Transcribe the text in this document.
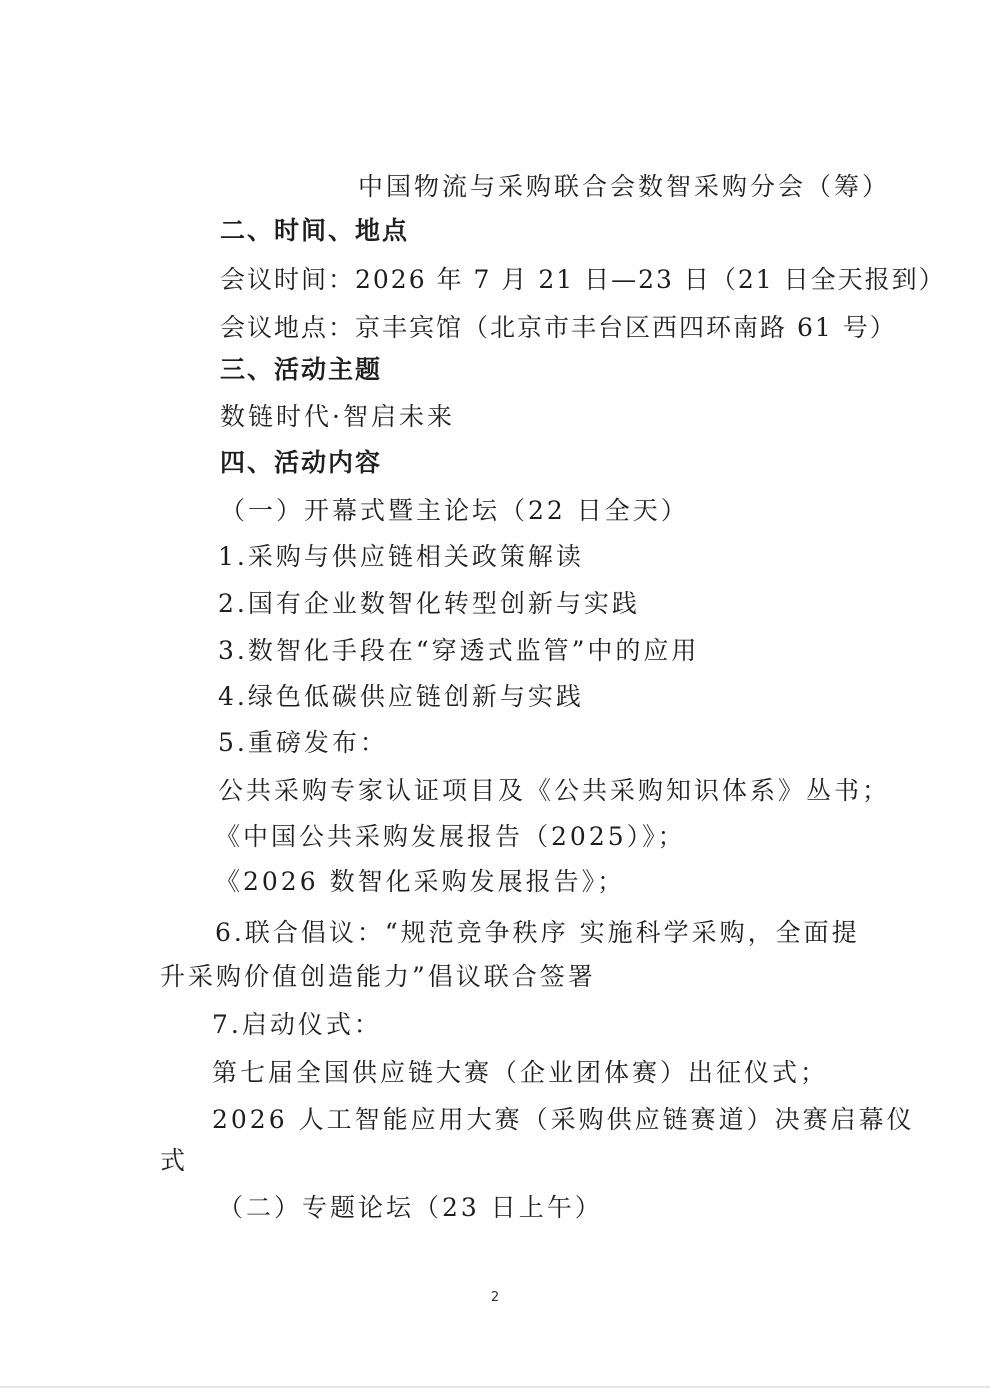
中国物流与采购联合会数智采购分会（筹）
二、时间、地点
会议时间：2026 年 7 月 21 日—23 日（21 日全天报到）
会议地点：京丰宾馆（北京市丰台区西四环南路 61 号）
三、活动主题
数链时代·智启未来
四、活动内容
（一）开幕式暨主论坛（22 日全天）
1.采购与供应链相关政策解读
2.国有企业数智化转型创新与实践
3.数智化手段在“穿透式监管”中的应用
4.绿色低碳供应链创新与实践
5.重磅发布：
公共采购专家认证项目及《公共采购知识体系》丛书；
《中国公共采购发展报告（2025）》；
《2026 数智化采购发展报告》；
6.联合倡议：“规范竞争秩序 实施科学采购，全面提
升采购价值创造能力”倡议联合签署
7.启动仪式：
第七届全国供应链大赛（企业团体赛）出征仪式；
2026 人工智能应用大赛（采购供应链赛道）决赛启幕仪
式
（二）专题论坛（23 日上午）
2
